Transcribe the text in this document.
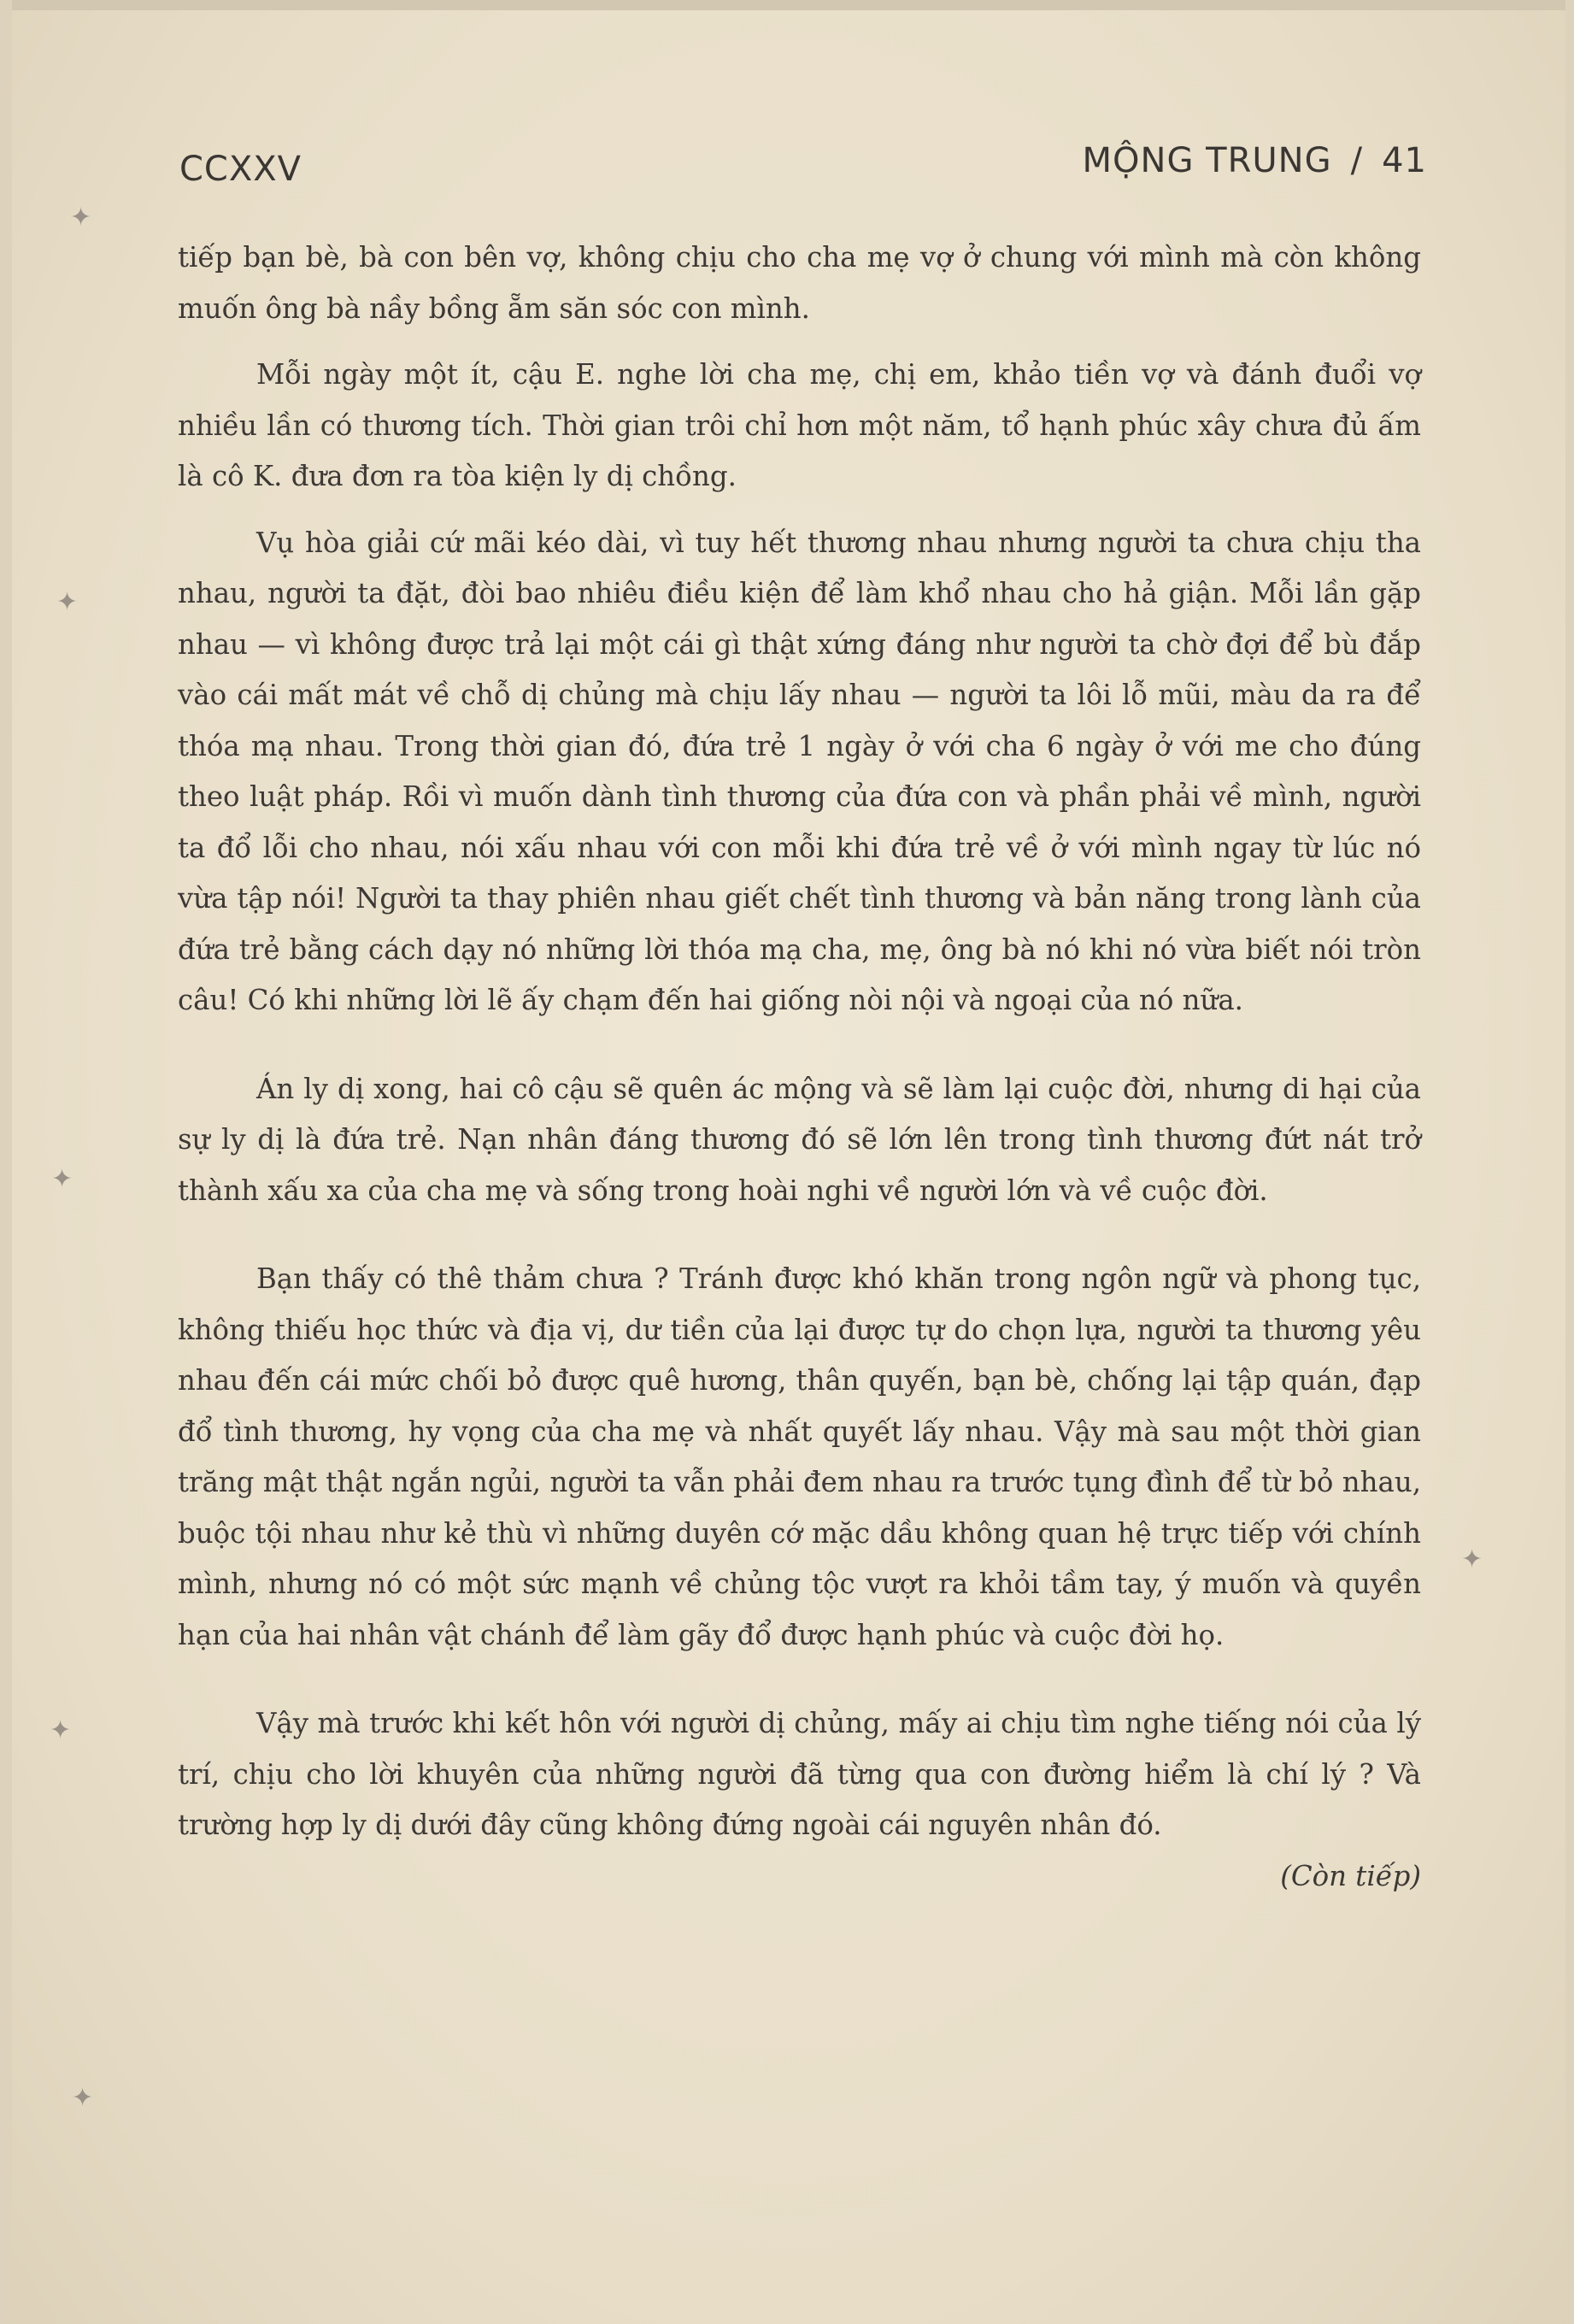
✦
✦
✦
✦
✦
✦
CCXXV	MỘNG TRUNG / 41

tiếp bạn bè, bà con bên vợ, không chịu cho cha mẹ vợ ở chung với mình mà còn không muốn ông bà nầy bồng ẵm săn sóc con mình.

Mỗi ngày một ít, cậu E. nghe lời cha mẹ, chị em, khảo tiền vợ và đánh đuổi vợ nhiều lần có thương tích. Thời gian trôi chỉ hơn một năm, tổ hạnh phúc xây chưa đủ ấm là cô K. đưa đơn ra tòa kiện ly dị chồng.

Vụ hòa giải cứ mãi kéo dài, vì tuy hết thương nhau nhưng người ta chưa chịu tha nhau, người ta đặt, đòi bao nhiêu điều kiện để làm khổ nhau cho hả giận. Mỗi lần gặp nhau — vì không được trả lại một cái gì thật xứng đáng như người ta chờ đợi để bù đắp vào cái mất mát về chỗ dị chủng mà chịu lấy nhau — người ta lôi lỗ mũi, màu da ra để thóa mạ nhau. Trong thời gian đó, đứa trẻ 1 ngày ở với cha 6 ngày ở với me cho đúng theo luật pháp. Rồi vì muốn dành tình thương của đứa con và phần phải về mình, người ta đổ lỗi cho nhau, nói xấu nhau với con mỗi khi đứa trẻ về ở với mình ngay từ lúc nó vừa tập nói! Người ta thay phiên nhau giết chết tình thương và bản năng trong lành của đứa trẻ bằng cách dạy nó những lời thóa mạ cha, mẹ, ông bà nó khi nó vừa biết nói tròn câu! Có khi những lời lẽ ấy chạm đến hai giống nòi nội và ngoại của nó nữa.

Án ly dị xong, hai cô cậu sẽ quên ác mộng và sẽ làm lại cuộc đời, nhưng di hại của sự ly dị là đứa trẻ. Nạn nhân đáng thương đó sẽ lớn lên trong tình thương đứt nát trở thành xấu xa của cha mẹ và sống trong hoài nghi về người lớn và về cuộc đời.

Bạn thấy có thê thảm chưa ? Tránh được khó khăn trong ngôn ngữ và phong tục, không thiếu học thức và địa vị, dư tiền của lại được tự do chọn lựa, người ta thương yêu nhau đến cái mức chối bỏ được quê hương, thân quyến, bạn bè, chống lại tập quán, đạp đổ tình thương, hy vọng của cha mẹ và nhất quyết lấy nhau. Vậy mà sau một thời gian trăng mật thật ngắn ngủi, người ta vẫn phải đem nhau ra trước tụng đình để từ bỏ nhau, buộc tội nhau như kẻ thù vì những duyên cớ mặc dầu không quan hệ trực tiếp với chính mình, nhưng nó có một sức mạnh về chủng tộc vượt ra khỏi tầm tay, ý muốn và quyền hạn của hai nhân vật chánh để làm gãy đổ được hạnh phúc và cuộc đời họ.

Vậy mà trước khi kết hôn với người dị chủng, mấy ai chịu tìm nghe tiếng nói của lý trí, chịu cho lời khuyên của những người đã từng qua con đường hiểm là chí lý ? Và trường hợp ly dị dưới đây cũng không đứng ngoài cái nguyên nhân đó.

(Còn tiếp)
